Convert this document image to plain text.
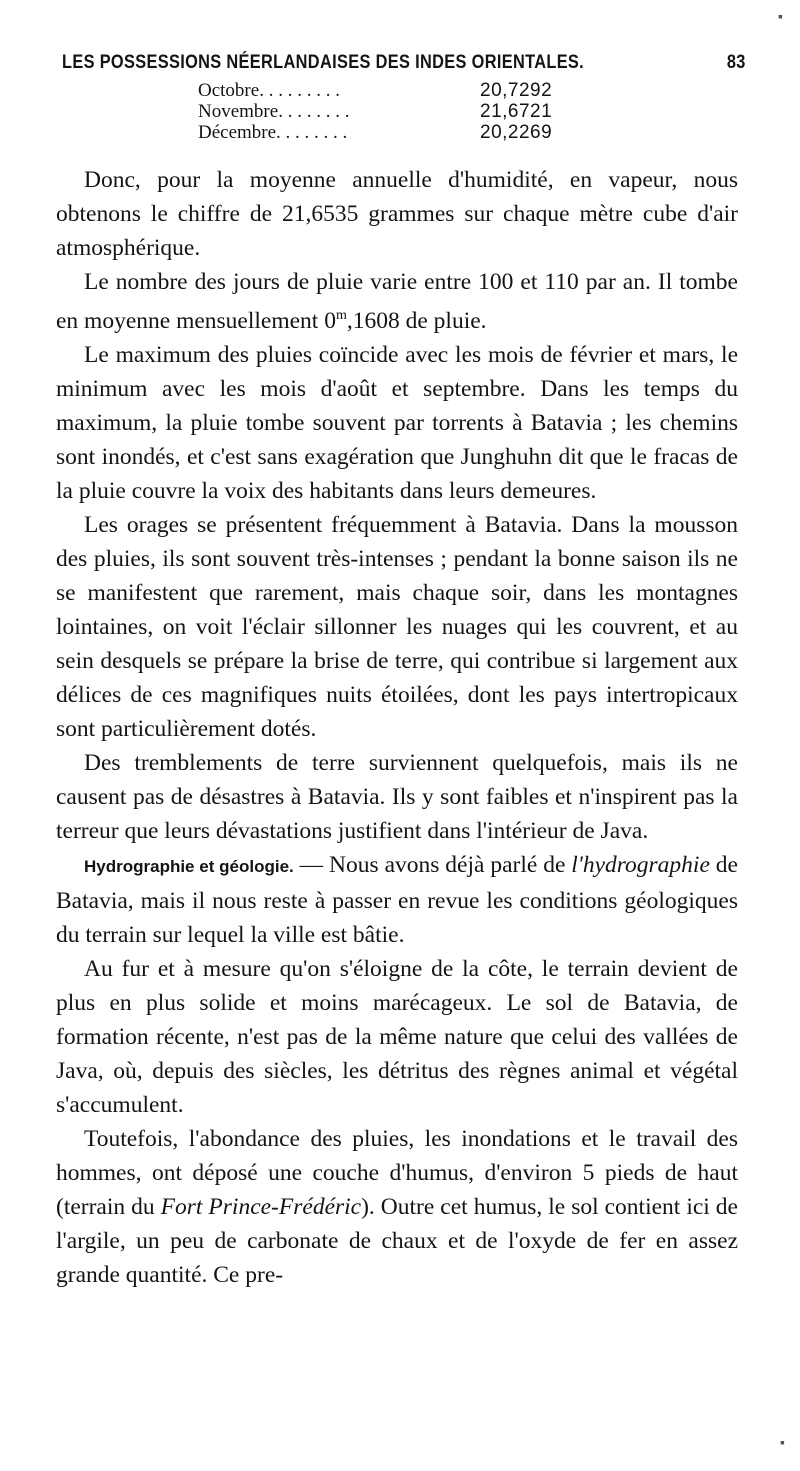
LES POSSESSIONS NÉERLANDAISES DES INDES ORIENTALES.	83
Octobre. . . . . . . . .	20,7292
Novembre. . . . . . . .	21,6721
Décembre. . . . . . . .	20,2269

Donc, pour la moyenne annuelle d'humidité, en vapeur, nous obtenons le chiffre de 21,6535 grammes sur chaque mètre cube d'air atmosphérique.

Le nombre des jours de pluie varie entre 100 et 110 par an. Il tombe en moyenne mensuellement 0$^m$,1608 de pluie.

Le maximum des pluies coïncide avec les mois de février et mars, le minimum avec les mois d'août et septembre. Dans les temps du maximum, la pluie tombe souvent par torrents à Batavia ; les chemins sont inondés, et c'est sans exagération que Junghuhn dit que le fracas de la pluie couvre la voix des habitants dans leurs demeures.

Les orages se présentent fréquemment à Batavia. Dans la mousson des pluies, ils sont souvent très-intenses ; pendant la bonne saison ils ne se manifestent que rarement, mais chaque soir, dans les montagnes lointaines, on voit l'éclair sillonner les nuages qui les couvrent, et au sein desquels se prépare la brise de terre, qui contribue si largement aux délices de ces magnifiques nuits étoilées, dont les pays intertropicaux sont particulièrement dotés.

Des tremblements de terre surviennent quelquefois, mais ils ne causent pas de désastres à Batavia. Ils y sont faibles et n'inspirent pas la terreur que leurs dévastations justifient dans l'intérieur de Java.

Hydrographie et géologie. — Nous avons déjà parlé de l'hydrographie de Batavia, mais il nous reste à passer en revue les conditions géologiques du terrain sur lequel la ville est bâtie.

Au fur et à mesure qu'on s'éloigne de la côte, le terrain devient de plus en plus solide et moins marécageux. Le sol de Batavia, de formation récente, n'est pas de la même nature que celui des vallées de Java, où, depuis des siècles, les détritus des règnes animal et végétal s'accumulent.

Toutefois, l'abondance des pluies, les inondations et le travail des hommes, ont déposé une couche d'humus, d'environ 5 pieds de haut (terrain du Fort Prince-Frédéric). Outre cet humus, le sol contient ici de l'argile, un peu de carbonate de chaux et de l'oxyde de fer en assez grande quantité. Ce pre-

▪
▪
